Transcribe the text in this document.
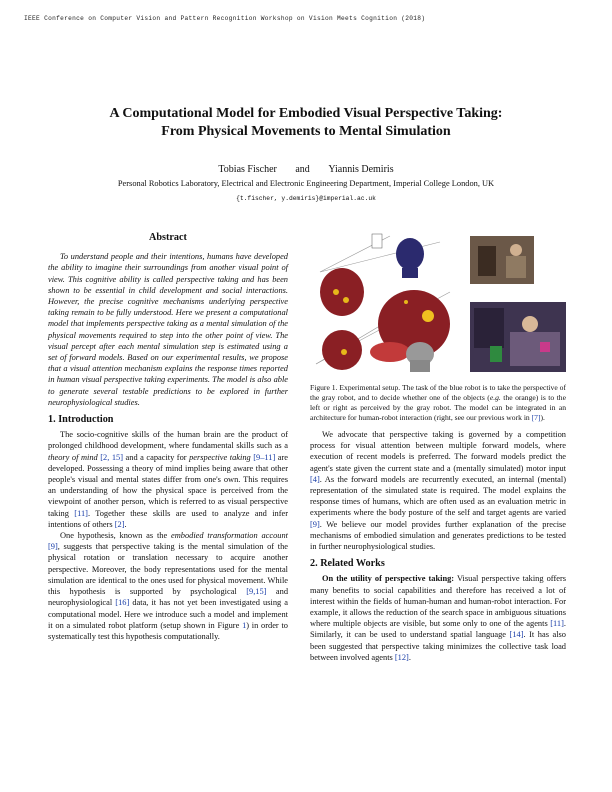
IEEE Conference on Computer Vision and Pattern Recognition Workshop on Vision Meets Cognition (2018)
A Computational Model for Embodied Visual Perspective Taking:
From Physical Movements to Mental Simulation
Tobias Fischer and Yiannis Demiris
Personal Robotics Laboratory, Electrical and Electronic Engineering Department, Imperial College London, UK
{t.fischer, y.demiris}@imperial.ac.uk
Abstract

To understand people and their intentions, humans have developed the ability to imagine their surroundings from another visual point of view. This cognitive ability is called perspective taking and has been shown to be essential in child development and social interactions. However, the precise cognitive mechanisms underlying perspective taking remain to be fully understood. Here we present a computational model that implements perspective taking as a mental simulation of the physical movements required to step into the other point of view. The visual percept after each mental simulation step is estimated using a set of forward models. Based on our experimental results, we propose that a visual attention mechanism explains the response times reported in human visual perspective taking experiments. The model is also able to generate several testable predictions to be explored in further neurophysiological studies.

1. Introduction

The socio-cognitive skills of the human brain are the product of prolonged childhood development, where fundamental skills such as a theory of mind [2, 15] and a capacity for perspective taking [9–11] are developed. Possessing a theory of mind implies being aware that other people's visual and mental states differ from one's own. This requires an understanding of how the physical space is perceived from the viewpoint of another person, which is referred to as visual perspective taking [11]. Together these skills are used to analyze and infer intentions of others [2].

One hypothesis, known as the embodied transformation account [9], suggests that perspective taking is the mental simulation of the physical rotation or translation necessary to acquire another perspective. Moreover, the body representations used for the mental simulation are identical to the ones used for physical movement. While this hypothesis is supported by psychological [9,15] and neurophysiological [16] data, it has not yet been investigated using a computational model. Here we introduce such a model and implement it on a simulated robot platform (setup shown in Figure 1) in order to systematically test this hypothesis computationally.

Figure 1. Experimental setup. The task of the blue robot is to take the perspective of the gray robot, and to decide whether one of the objects (e.g. the orange) is to the left or right as perceived by the gray robot. The model can be integrated in an architecture for human-robot interaction (right, see our previous work in [7]).

We advocate that perspective taking is governed by a competition process for visual attention between multiple forward models, where execution of recent models is preferred. The forward models predict the agent's state given the current state and a (mentally simulated) motor input [4]. As the forward models are recurrently executed, an internal (mental) representation of the simulated state is required. The model explains the response times of humans, which are often used as an evaluation metric in experiments where the body posture of the self and target agents are varied [9]. We believe our model provides further explanation of the precise mechanisms of embodied simulation and generates predictions to be tested in further neurophysiological studies.

2. Related Works

On the utility of perspective taking: Visual perspective taking offers many benefits to social capabilities and therefore has received a lot of interest within the fields of human-human and human-robot interaction. For example, it allows the reduction of the search space in ambiguous situations where multiple objects are visible, but some only to one of the agents [11]. Similarly, it can be used to understand spatial language [14]. It has also been suggested that perspective taking minimizes the collective task load between involved agents [12].
